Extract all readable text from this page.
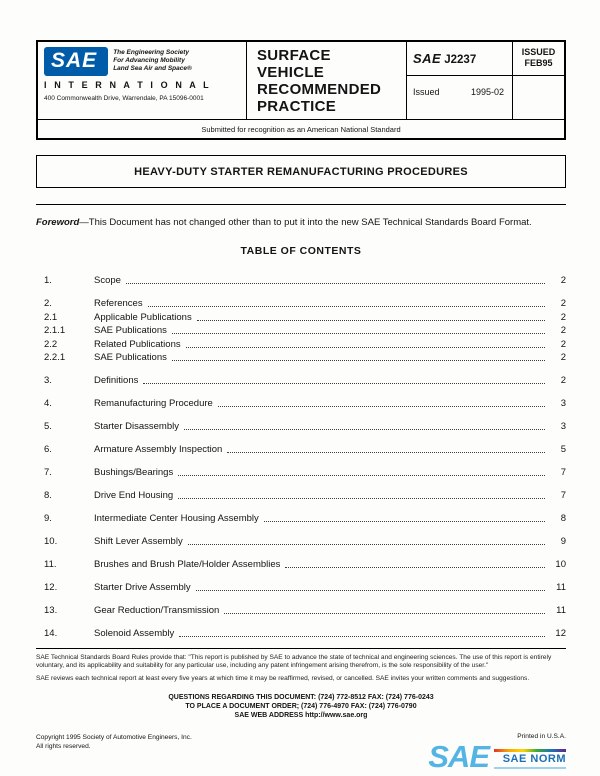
SAE	The Engineering Society
For Advancing Mobility
Land Sea Air and Space®
I N T E R N A T I O N A L
400 Commonwealth Drive, Warrendale, PA 15096-0001
SURFACE
VEHICLE
RECOMMENDED
PRACTICE
SAE J2237
Issued	1995-02
ISSUED
FEB95
Submitted for recognition as an American National Standard
HEAVY-DUTY STARTER REMANUFACTURING PROCEDURES
Foreword—This Document has not changed other than to put it into the new SAE Technical Standards Board Format.
TABLE OF CONTENTS
1.	Scope	2
2.	References	2
2.1	Applicable Publications	2
2.1.1	SAE Publications	2
2.2	Related Publications	2
2.2.1	SAE Publications	2
3.	Definitions	2
4.	Remanufacturing Procedure	3
5.	Starter Disassembly	3
6.	Armature Assembly Inspection	5
7.	Bushings/Bearings	7
8.	Drive End Housing	7
9.	Intermediate Center Housing Assembly	8
10.	Shift Lever Assembly	9
11.	Brushes and Brush Plate/Holder Assemblies	10
12.	Starter Drive Assembly	11
13.	Gear Reduction/Transmission	11
14.	Solenoid Assembly	12
SAE Technical Standards Board Rules provide that: "This report is published by SAE to advance the state of technical and engineering sciences. The use of this report is entirely voluntary, and its applicability and suitability for any particular use, including any patent infringement arising therefrom, is the sole responsibility of the user."
SAE reviews each technical report at least every five years at which time it may be reaffirmed, revised, or cancelled. SAE invites your written comments and suggestions.
QUESTIONS REGARDING THIS DOCUMENT: (724) 772-8512 FAX: (724) 776-0243
TO PLACE A DOCUMENT ORDER; (724) 776-4970 FAX: (724) 776-0790
SAE WEB ADDRESS http://www.sae.org
Copyright 1995 Society of Automotive Engineers, Inc.
All rights reserved.
Printed in U.S.A.
SAE	SAE NORM
